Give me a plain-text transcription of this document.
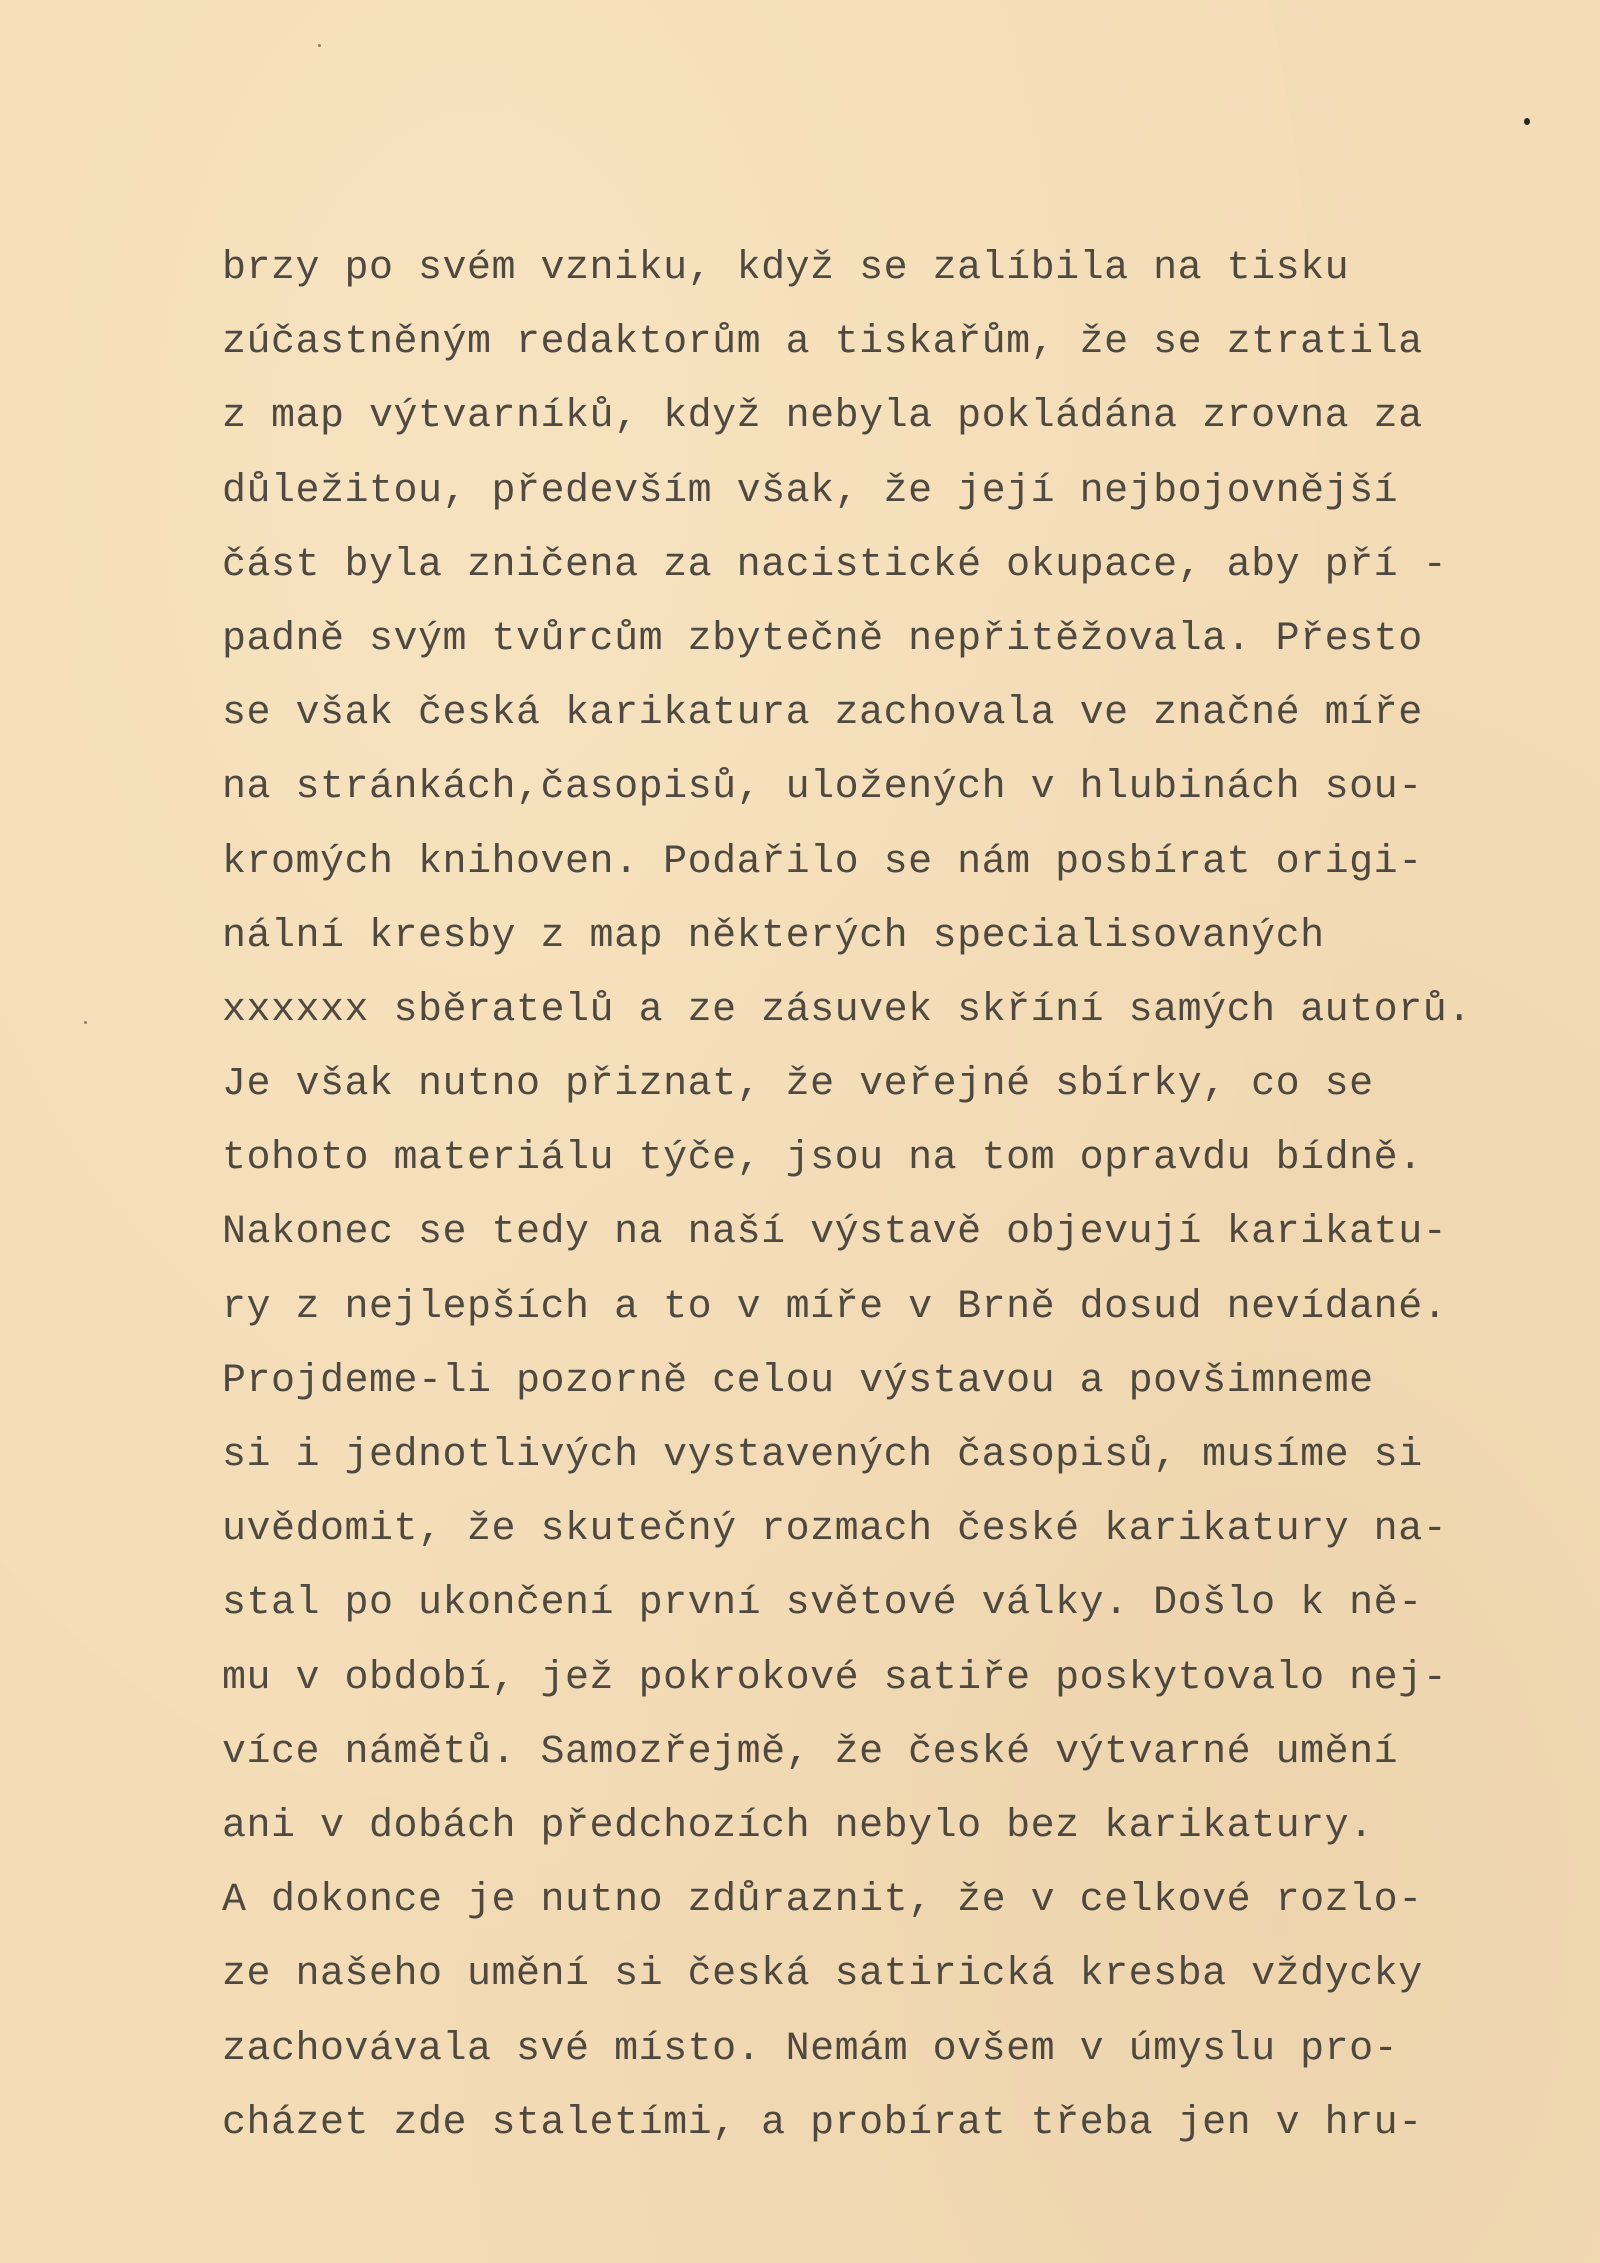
brzy po svém vzniku, když se zalíbila na tisku
zúčastněným redaktorům a tiskařům, že se ztratila
z map výtvarníků, když nebyla pokládána zrovna za
důležitou, především však, že její nejbojovnější
část byla zničena za nacistické okupace, aby pří -
padně svým tvůrcům zbytečně nepřitěžovala. Přesto
se však česká karikatura zachovala ve značné míře
na stránkách,časopisů, uložených v hlubinách sou-
kromých knihoven. Podařilo se nám posbírat origi-
nální kresby z map některých specialisovaných
xxxxxx sběratelů a ze zásuvek skříní samých autorů.
Je však nutno přiznat, že veřejné sbírky, co se
tohoto materiálu týče, jsou na tom opravdu bídně.
Nakonec se tedy na naší výstavě objevují karikatu-
ry z nejlepších a to v míře v Brně dosud nevídané.
Projdeme-li pozorně celou výstavou a povšimneme
si i jednotlivých vystavených časopisů, musíme si
uvědomit, že skutečný rozmach české karikatury na-
stal po ukončení první světové války. Došlo k ně-
mu v období, jež pokrokové satiře poskytovalo nej-
více námětů. Samozřejmě, že české výtvarné umění
ani v dobách předchozích nebylo bez karikatury.
A dokonce je nutno zdůraznit, že v celkové rozlo-
ze našeho umění si česká satirická kresba vždycky
zachovávala své místo. Nemám ovšem v úmyslu pro-
cházet zde staletími, a probírat třeba jen v hru-
